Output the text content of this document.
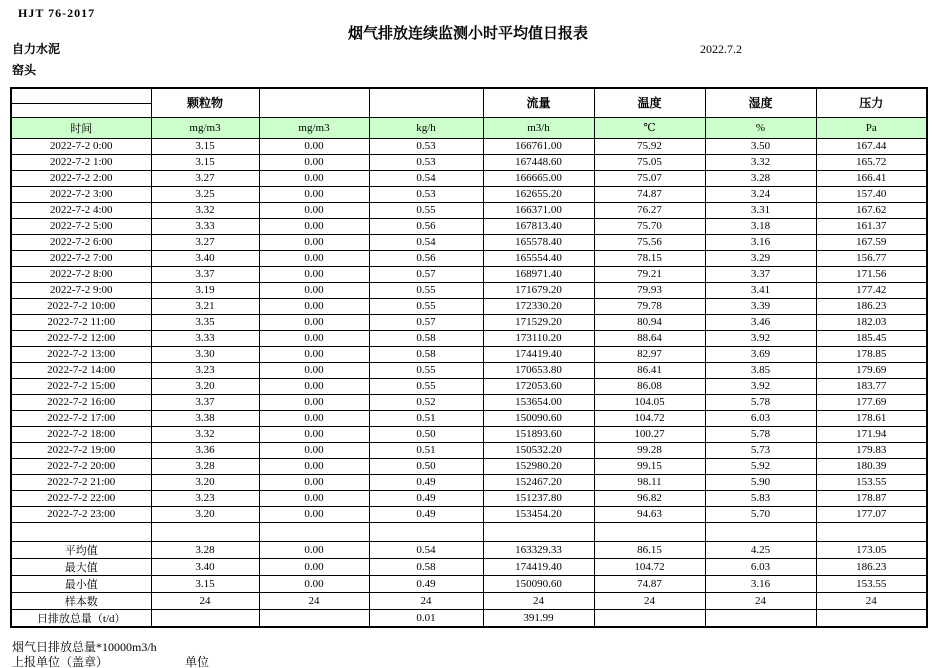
HJT 76-2017
烟气排放连续监测小时平均值日报表
自力水泥	2022.7.2
窑头
	颗粒物			流量	温度	湿度	压力

时间	mg/m3	mg/m3	kg/h	m3/h	℃	%	Pa
2022-7-2 0:00	3.15	0.00	0.53	166761.00	75.92	3.50	167.44
2022-7-2 1:00	3.15	0.00	0.53	167448.60	75.05	3.32	165.72
2022-7-2 2:00	3.27	0.00	0.54	166665.00	75.07	3.28	166.41
2022-7-2 3:00	3.25	0.00	0.53	162655.20	74.87	3.24	157.40
2022-7-2 4:00	3.32	0.00	0.55	166371.00	76.27	3.31	167.62
2022-7-2 5:00	3.33	0.00	0.56	167813.40	75.70	3.18	161.37
2022-7-2 6:00	3.27	0.00	0.54	165578.40	75.56	3.16	167.59
2022-7-2 7:00	3.40	0.00	0.56	165554.40	78.15	3.29	156.77
2022-7-2 8:00	3.37	0.00	0.57	168971.40	79.21	3.37	171.56
2022-7-2 9:00	3.19	0.00	0.55	171679.20	79.93	3.41	177.42
2022-7-2 10:00	3.21	0.00	0.55	172330.20	79.78	3.39	186.23
2022-7-2 11:00	3.35	0.00	0.57	171529.20	80.94	3.46	182.03
2022-7-2 12:00	3.33	0.00	0.58	173110.20	88.64	3.92	185.45
2022-7-2 13:00	3.30	0.00	0.58	174419.40	82.97	3.69	178.85
2022-7-2 14:00	3.23	0.00	0.55	170653.80	86.41	3.85	179.69
2022-7-2 15:00	3.20	0.00	0.55	172053.60	86.08	3.92	183.77
2022-7-2 16:00	3.37	0.00	0.52	153654.00	104.05	5.78	177.69
2022-7-2 17:00	3.38	0.00	0.51	150090.60	104.72	6.03	178.61
2022-7-2 18:00	3.32	0.00	0.50	151893.60	100.27	5.78	171.94
2022-7-2 19:00	3.36	0.00	0.51	150532.20	99.28	5.73	179.83
2022-7-2 20:00	3.28	0.00	0.50	152980.20	99.15	5.92	180.39
2022-7-2 21:00	3.20	0.00	0.49	152467.20	98.11	5.90	153.55
2022-7-2 22:00	3.23	0.00	0.49	151237.80	96.82	5.83	178.87
2022-7-2 23:00	3.20	0.00	0.49	153454.20	94.63	5.70	177.07

平均值	3.28	0.00	0.54	163329.33	86.15	4.25	173.05
最大值	3.40	0.00	0.58	174419.40	104.72	6.03	186.23
最小值	3.15	0.00	0.49	150090.60	74.87	3.16	153.55
样本数	24	24	24	24	24	24	24
日排放总量（t/d）			0.01	391.99			
烟气日排放总量*10000m3/h
上报单位（盖章）	单位
